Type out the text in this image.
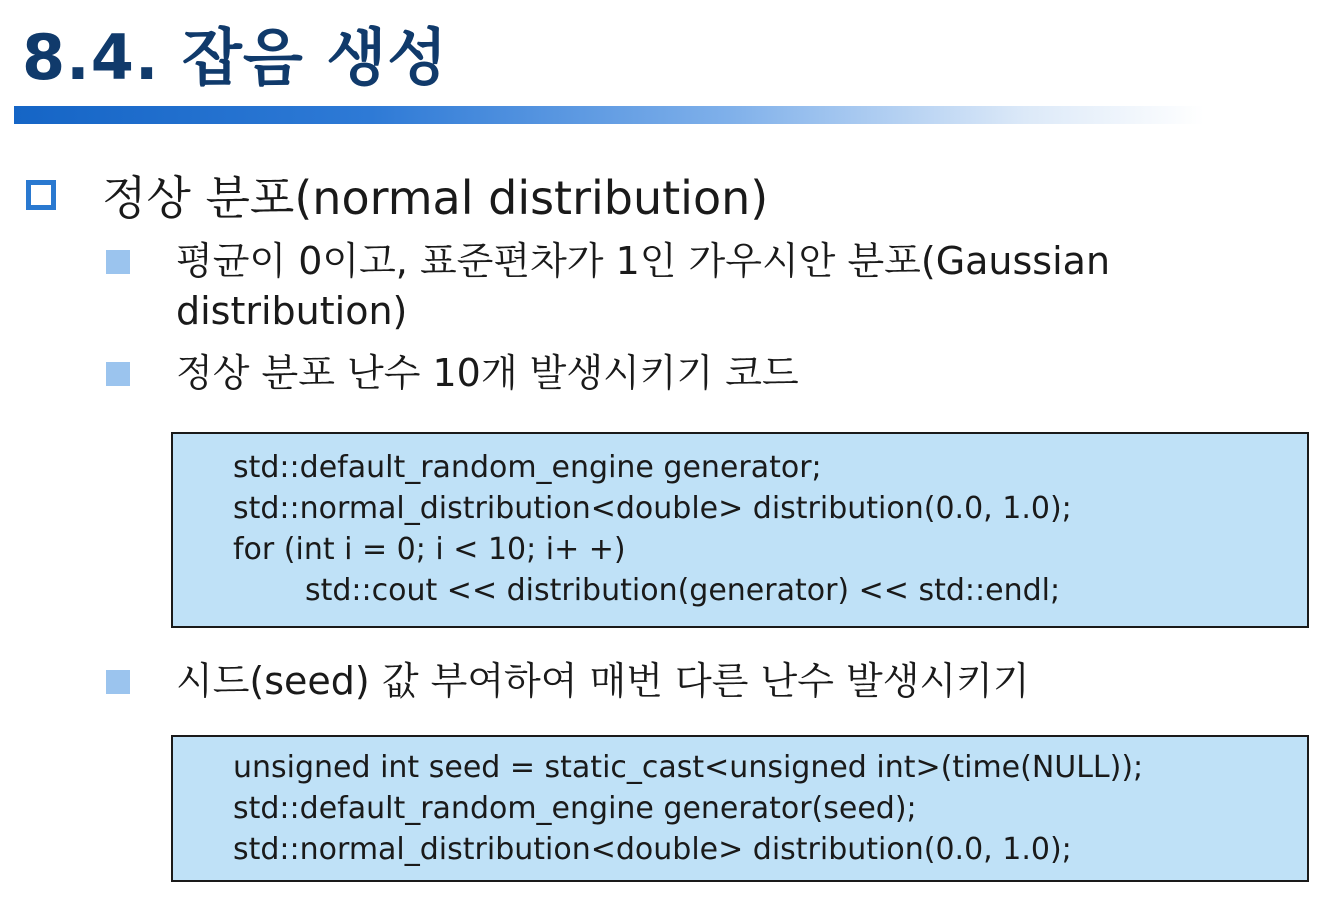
8.4. 잡음 생성
정상 분포(normal distribution)
평균이 0이고, 표준편차가 1인 가우시안 분포(Gaussian distribution)
정상 분포 난수 10개 발생시키기 코드
std::default_random_engine generator;
std::normal_distribution<double> distribution(0.0, 1.0);
for (int i = 0; i < 10; i+ +)
std::cout << distribution(generator) << std::endl;
시드(seed) 값 부여하여 매번 다른 난수 발생시키기
unsigned int seed = static_cast<unsigned int>(time(NULL));
std::default_random_engine generator(seed);
std::normal_distribution<double> distribution(0.0, 1.0);
